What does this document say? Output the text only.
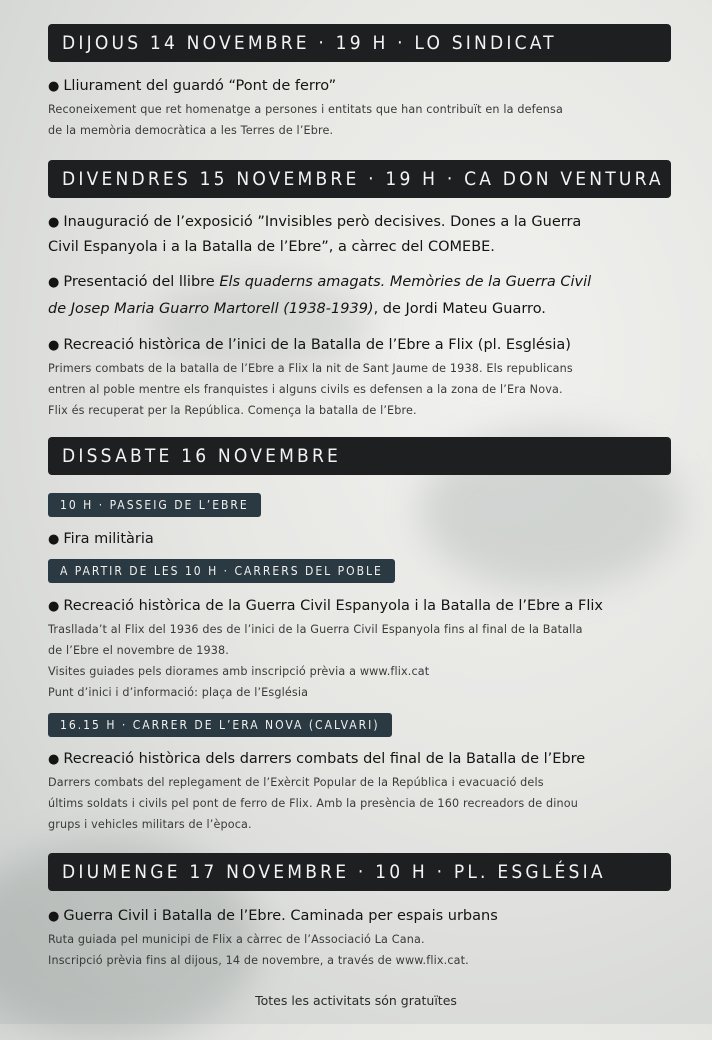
DIJOUS 14 NOVEMBRE · 19 H · LO SINDICAT
● Lliurament del guardó “Pont de ferro”
Reconeixement que ret homenatge a persones i entitats que han contribuït en la defensa
de la memòria democràtica a les Terres de l’Ebre.
DIVENDRES 15 NOVEMBRE · 19 H · CA DON VENTURA
● Inauguració de l’exposició ”Invisibles però decisives. Dones a la Guerra
Civil Espanyola i a la Batalla de l’Ebre”, a càrrec del COMEBE.
● Presentació del llibre Els quaderns amagats. Memòries de la Guerra Civil
de Josep Maria Guarro Martorell (1938-1939), de Jordi Mateu Guarro.
● Recreació històrica de l’inici de la Batalla de l’Ebre a Flix (pl. Església)
Primers combats de la batalla de l’Ebre a Flix la nit de Sant Jaume de 1938. Els republicans
entren al poble mentre els franquistes i alguns civils es defensen a la zona de l’Era Nova.
Flix és recuperat per la República. Comença la batalla de l’Ebre.
DISSABTE 16 NOVEMBRE
10 H · PASSEIG DE L’EBRE
● Fira militària
A PARTIR DE LES 10 H · CARRERS DEL POBLE
● Recreació històrica de la Guerra Civil Espanyola i la Batalla de l’Ebre a Flix
Trasllada’t al Flix del 1936 des de l’inici de la Guerra Civil Espanyola fins al final de la Batalla
de l’Ebre el novembre de 1938.
Visites guiades pels diorames amb inscripció prèvia a www.flix.cat
Punt d’inici i d’informació: plaça de l’Església
16.15 H · CARRER DE L’ERA NOVA (CALVARI)
● Recreació històrica dels darrers combats del final de la Batalla de l’Ebre
Darrers combats del replegament de l’Exèrcit Popular de la República i evacuació dels
últims soldats i civils pel pont de ferro de Flix. Amb la presència de 160 recreadors de dinou
grups i vehicles militars de l’època.
DIUMENGE 17 NOVEMBRE · 10 H · PL. ESGLÉSIA
● Guerra Civil i Batalla de l’Ebre. Caminada per espais urbans
Ruta guiada pel municipi de Flix a càrrec de l’Associació La Cana.
Inscripció prèvia fins al dijous, 14 de novembre, a través de www.flix.cat.
Totes les activitats són gratuïtes
